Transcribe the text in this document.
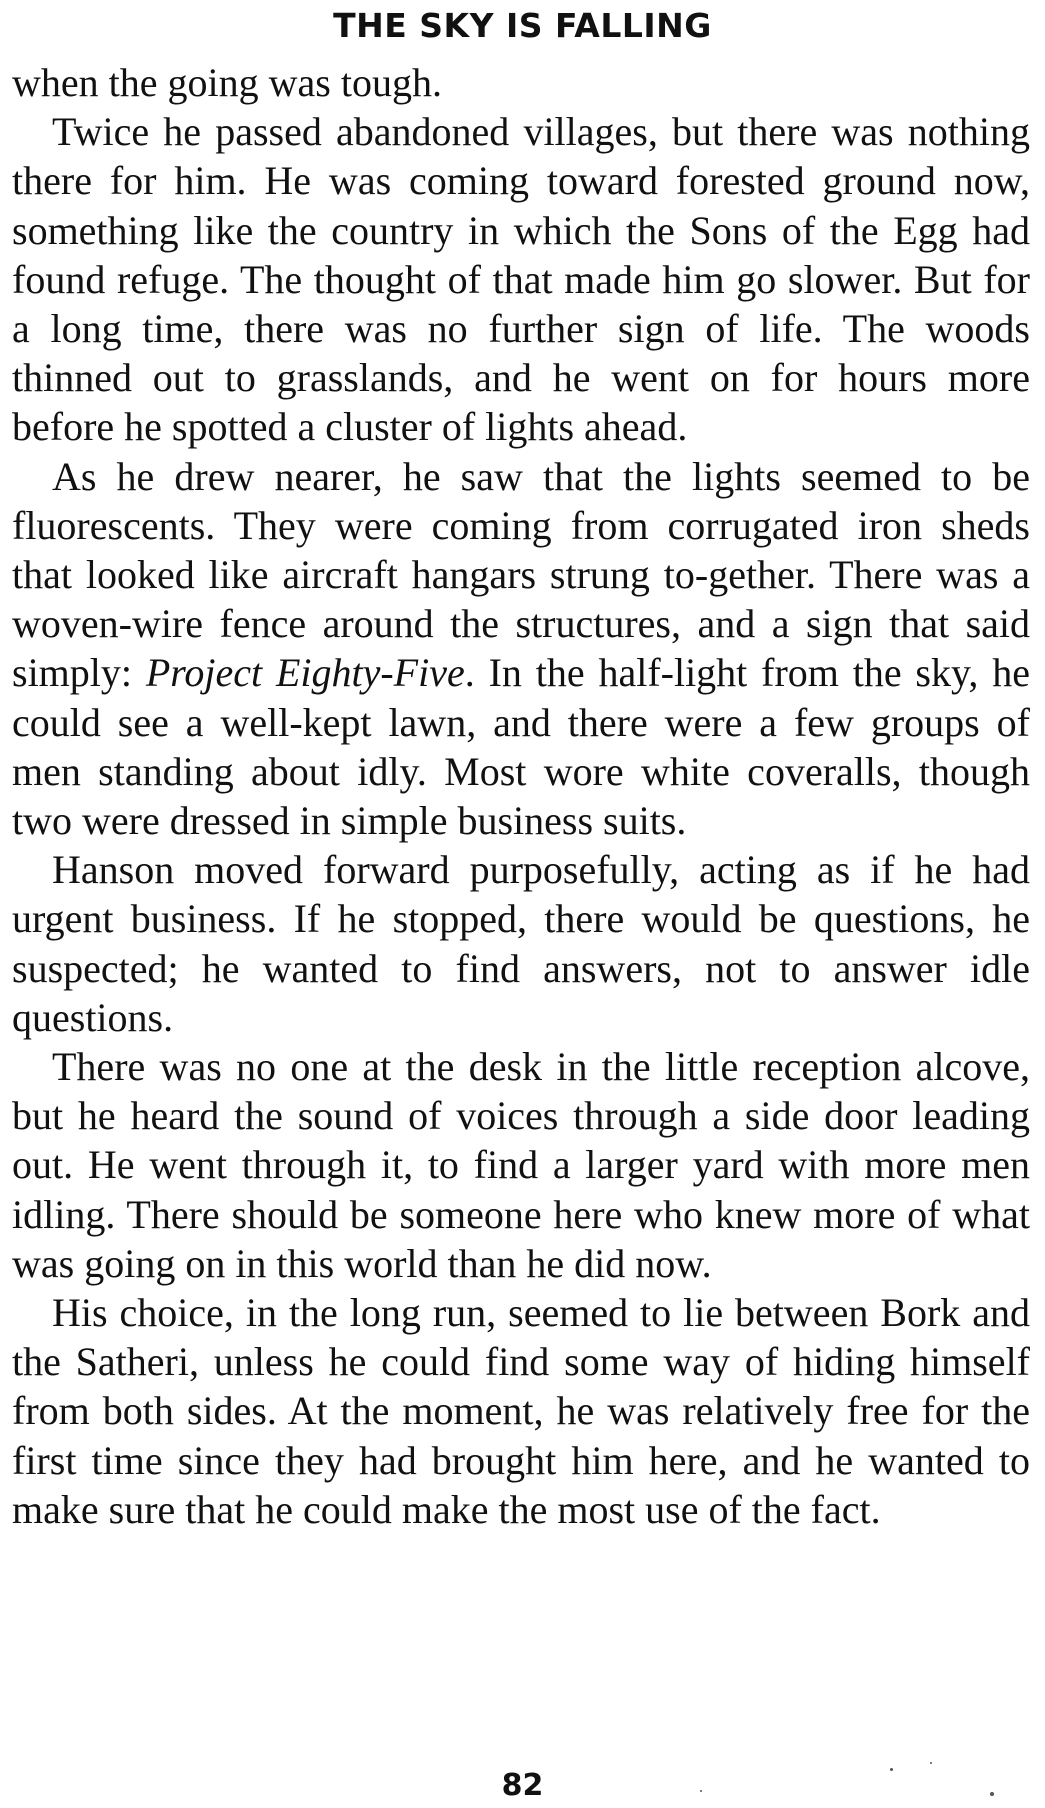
THE SKY IS FALLING

when the going was tough.

Twice he passed abandoned villages, but there was nothing there for him. He was coming toward forested ground now, something like the country in which the Sons of the Egg had found refuge. The thought of that made him go slower. But for a long time, there was no further sign of life. The woods thinned out to grasslands, and he went on for hours more before he spotted a cluster of lights ahead.

As he drew nearer, he saw that the lights seemed to be fluorescents. They were coming from corrugated iron sheds that looked like aircraft hangars strung to-gether. There was a woven-wire fence around the structures, and a sign that said simply: Project Eighty-Five. In the half-light from the sky, he could see a well-kept lawn, and there were a few groups of men standing about idly. Most wore white coveralls, though two were dressed in simple business suits.

Hanson moved forward purposefully, acting as if he had urgent business. If he stopped, there would be questions, he suspected; he wanted to find answers, not to answer idle questions.

There was no one at the desk in the little reception alcove, but he heard the sound of voices through a side door leading out. He went through it, to find a larger yard with more men idling. There should be someone here who knew more of what was going on in this world than he did now.

His choice, in the long run, seemed to lie between Bork and the Satheri, unless he could find some way of hiding himself from both sides. At the moment, he was relatively free for the first time since they had brought him here, and he wanted to make sure that he could make the most use of the fact.

82
